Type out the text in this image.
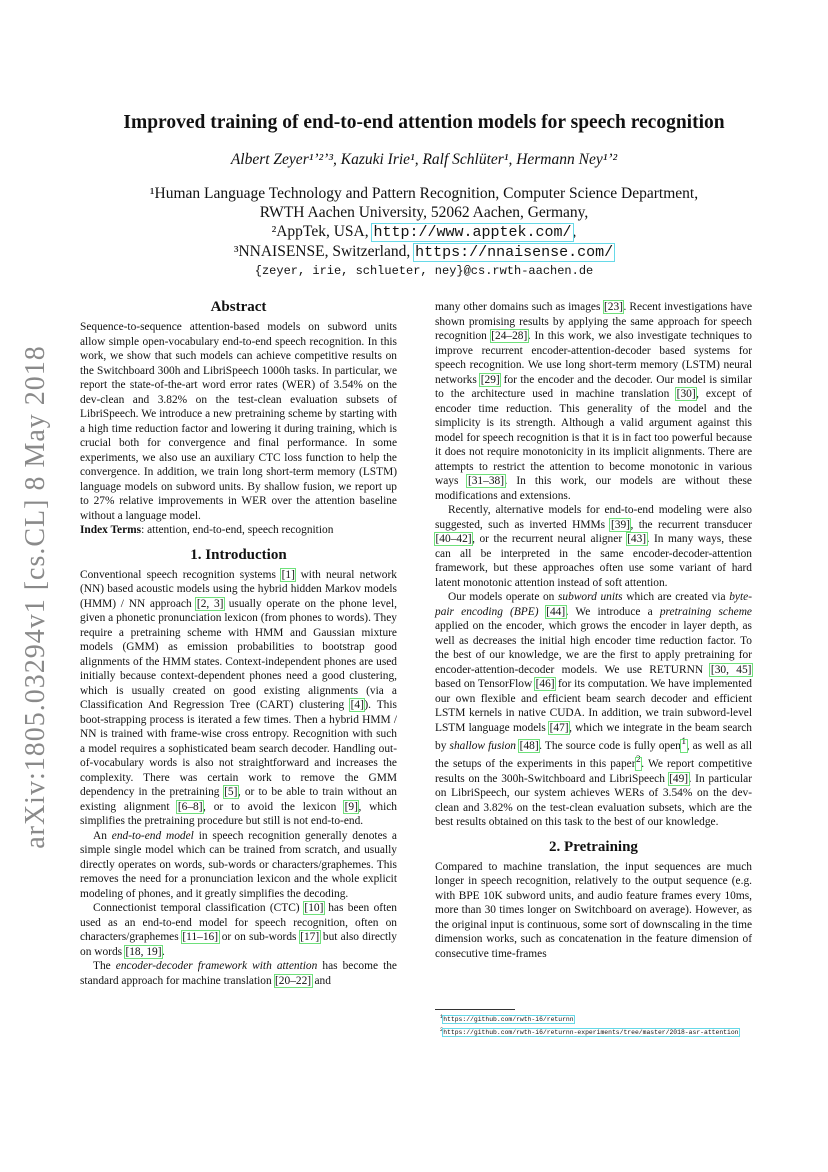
arXiv:1805.03294v1 [cs.CL] 8 May 2018
Improved training of end-to-end attention models for speech recognition
Albert Zeyer¹ʼ²ʼ³, Kazuki Irie¹, Ralf Schlüter¹, Hermann Ney¹ʼ²
¹Human Language Technology and Pattern Recognition, Computer Science Department,
RWTH Aachen University, 52062 Aachen, Germany,
²AppTek, USA, http://www.apptek.com/,
³NNAISENSE, Switzerland, https://nnaisense.com/
{zeyer, irie, schlueter, ney}@cs.rwth-aachen.de
Abstract

Sequence-to-sequence attention-based models on subword units allow simple open-vocabulary end-to-end speech recognition. In this work, we show that such models can achieve competitive results on the Switchboard 300h and LibriSpeech 1000h tasks. In particular, we report the state-of-the-art word error rates (WER) of 3.54% on the dev-clean and 3.82% on the test-clean evaluation subsets of LibriSpeech. We introduce a new pretraining scheme by starting with a high time reduction factor and lowering it during training, which is crucial both for convergence and final performance. In some experiments, we also use an auxiliary CTC loss function to help the convergence. In addition, we train long short-term memory (LSTM) language models on subword units. By shallow fusion, we report up to 27% relative improvements in WER over the attention baseline without a language model.

Index Terms: attention, end-to-end, speech recognition

1. Introduction

Conventional speech recognition systems [1] with neural network (NN) based acoustic models using the hybrid hidden Markov models (HMM) / NN approach [2, 3] usually operate on the phone level, given a phonetic pronunciation lexicon (from phones to words). They require a pretraining scheme with HMM and Gaussian mixture models (GMM) as emission probabilities to bootstrap good alignments of the HMM states. Context-independent phones are used initially because context-dependent phones need a good clustering, which is usually created on good existing alignments (via a Classification And Regression Tree (CART) clustering [4]). This boot-strapping process is iterated a few times. Then a hybrid HMM / NN is trained with frame-wise cross entropy. Recognition with such a model requires a sophisticated beam search decoder. Handling out-of-vocabulary words is also not straightforward and increases the complexity. There was certain work to remove the GMM dependency in the pretraining [5], or to be able to train without an existing alignment [6–8], or to avoid the lexicon [9], which simplifies the pretraining procedure but still is not end-to-end.

An end-to-end model in speech recognition generally denotes a simple single model which can be trained from scratch, and usually directly operates on words, sub-words or characters/graphemes. This removes the need for a pronunciation lexicon and the whole explicit modeling of phones, and it greatly simplifies the decoding.

Connectionist temporal classification (CTC) [10] has been often used as an end-to-end model for speech recognition, often on characters/graphemes [11–16] or on sub-words [17] but also directly on words [18, 19].

The encoder-decoder framework with attention has become the standard approach for machine translation [20–22] and

many other domains such as images [23]. Recent investigations have shown promising results by applying the same approach for speech recognition [24–28]. In this work, we also investigate techniques to improve recurrent encoder-attention-decoder based systems for speech recognition. We use long short-term memory (LSTM) neural networks [29] for the encoder and the decoder. Our model is similar to the architecture used in machine translation [30], except of encoder time reduction. This generality of the model and the simplicity is its strength. Although a valid argument against this model for speech recognition is that it is in fact too powerful because it does not require monotonicity in its implicit alignments. There are attempts to restrict the attention to become monotonic in various ways [31–38]. In this work, our models are without these modifications and extensions.

Recently, alternative models for end-to-end modeling were also suggested, such as inverted HMMs [39], the recurrent transducer [40–42], or the recurrent neural aligner [43]. In many ways, these can all be interpreted in the same encoder-decoder-attention framework, but these approaches often use some variant of hard latent monotonic attention instead of soft attention.

Our models operate on subword units which are created via byte-pair encoding (BPE) [44]. We introduce a pretraining scheme applied on the encoder, which grows the encoder in layer depth, as well as decreases the initial high encoder time reduction factor. To the best of our knowledge, we are the first to apply pretraining for encoder-attention-decoder models. We use RETURNN [30, 45] based on TensorFlow [46] for its computation. We have implemented our own flexible and efficient beam search decoder and efficient LSTM kernels in native CUDA. In addition, we train subword-level LSTM language models [47], which we integrate in the beam search by shallow fusion [48]. The source code is fully open$^1$, as well as all the setups of the experiments in this paper$^2$. We report competitive results on the 300h-Switchboard and LibriSpeech [49]. In particular on LibriSpeech, our system achieves WERs of 3.54% on the dev-clean and 3.82% on the test-clean evaluation subsets, which are the best results obtained on this task to the best of our knowledge.

2. Pretraining

Compared to machine translation, the input sequences are much longer in speech recognition, relatively to the output sequence (e.g. with BPE 10K subword units, and audio feature frames every 10ms, more than 30 times longer on Switchboard on average). However, as the original input is continuous, some sort of downscaling in the time dimension works, such as concatenation in the feature dimension of consecutive time-frames

$^1$https://github.com/rwth-i6/returnn
$^2$https://github.com/rwth-i6/returnn-experiments/tree/master/2018-asr-attention
